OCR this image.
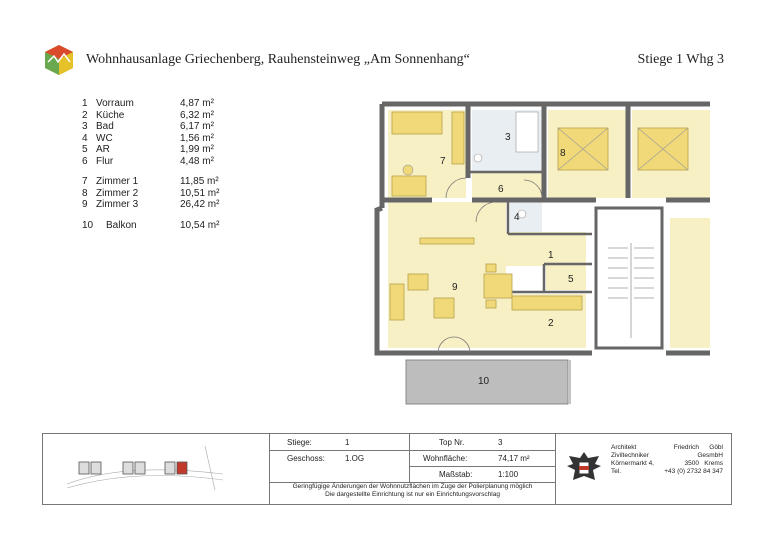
Wohnhausanlage Griechenberg, Rauhensteinweg „Am Sonnenhang“	Stiege 1 Whg 3
1 Vorraum	4,87 m²
2 Küche	6,32 m²
3 Bad	6,17 m²
4 WC	1,56 m²
5 AR	1,99 m²
6 Flur	4,48 m²
7 Zimmer 1	11,85 m²
8 Zimmer 2	10,51 m²
9 Zimmer 3	26,42 m²
10	Balkon	10,54 m²
3
7
8
6
4
1
5
2
9
10
Stiege:	1
Geschoss:	1.OG
Top Nr.	3
Wohnfläche:	74,17 m²
Maßstab:	1:100
Geringfügige Änderungen der Wohnnutzflächen im Zuge der Polierplanung möglich
Die dargestellte Einrichtung ist nur ein Einrichtungsvorschlag
Architekt	Friedrich Göbl
Ziviltechniker	GesmbH
Körnermarkt 4,	3500 Krems
Tel.	+43 (0) 2732 84 347
